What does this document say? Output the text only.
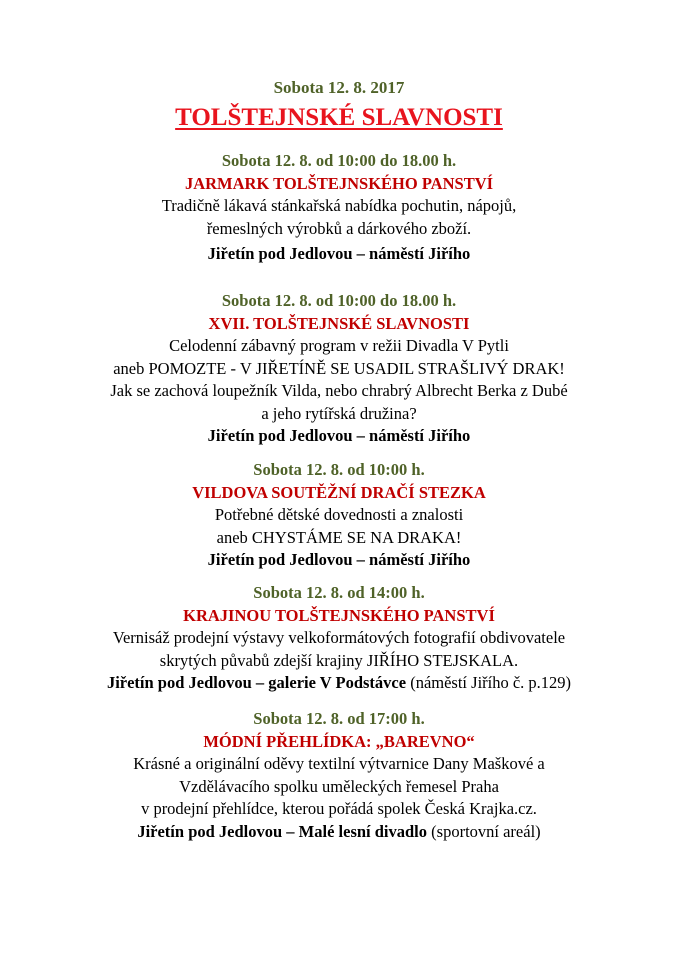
Sobota 12. 8. 2017
TOLŠTEJNSKÉ SLAVNOSTI
Sobota 12. 8. od 10:00 do 18.00 h.
JARMARK TOLŠTEJNSKÉHO PANSTVÍ
Tradičně lákavá stánkařská nabídka pochutin, nápojů,
řemeslných výrobků a dárkového zboží.
Jiřetín pod Jedlovou – náměstí Jiřího
Sobota 12. 8. od 10:00 do 18.00 h.
XVII. TOLŠTEJNSKÉ SLAVNOSTI
Celodenní zábavný program v režii Divadla V Pytli
aneb POMOZTE - V JIŘETÍNĚ SE USADIL STRAŠLIVÝ DRAK!
Jak se zachová loupežník Vilda, nebo chrabrý Albrecht Berka z Dubé
a jeho rytířská družina?
Jiřetín pod Jedlovou – náměstí Jiřího
Sobota 12. 8. od 10:00 h.
VILDOVA SOUTĚŽNÍ DRAČÍ STEZKA
Potřebné dětské dovednosti a znalosti
aneb CHYSTÁME SE NA DRAKA!
Jiřetín pod Jedlovou – náměstí Jiřího
Sobota 12. 8. od 14:00 h.
KRAJINOU TOLŠTEJNSKÉHO PANSTVÍ
Vernisáž prodejní výstavy velkoformátových fotografií obdivovatele
skrytých půvabů zdejší krajiny JIŘÍHO STEJSKALA.
Jiřetín pod Jedlovou – galerie V Podstávce (náměstí Jiřího č. p.129)
Sobota 12. 8. od 17:00 h.
MÓDNÍ PŘEHLÍDKA: „BAREVNO“
Krásné a originální oděvy textilní výtvarnice Dany Maškové a
Vzdělávacího spolku uměleckých řemesel Praha
v prodejní přehlídce, kterou pořádá spolek Česká Krajka.cz.
Jiřetín pod Jedlovou – Malé lesní divadlo (sportovní areál)
